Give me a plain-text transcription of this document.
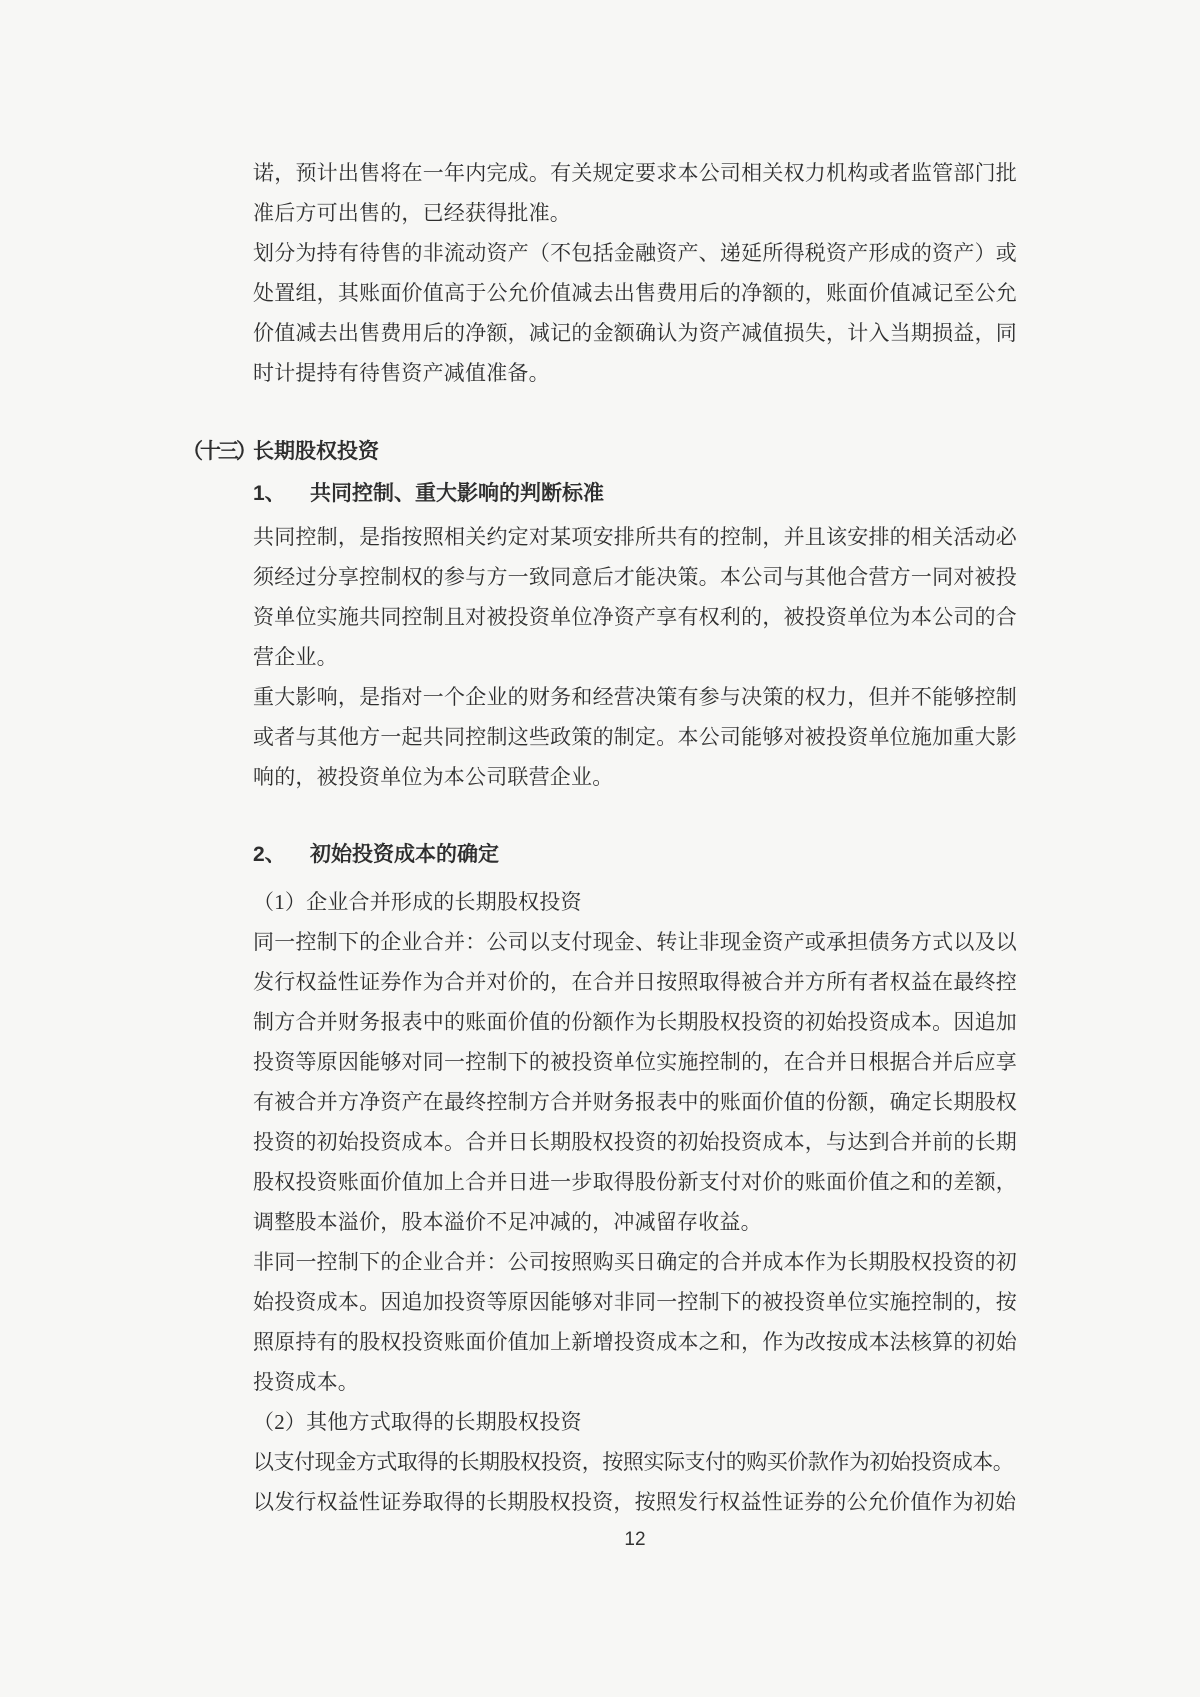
诺，预计出售将在一年内完成。有关规定要求本公司相关权力机构或者监管部门批准后方可出售的，已经获得批准。

划分为持有待售的非流动资产（不包括金融资产、递延所得税资产形成的资产）或处置组，其账面价值高于公允价值减去出售费用后的净额的，账面价值减记至公允价值减去出售费用后的净额，减记的金额确认为资产减值损失，计入当期损益，同时计提持有待售资产减值准备。

（十三）长期股权投资
1、 共同控制、重大影响的判断标准

共同控制，是指按照相关约定对某项安排所共有的控制，并且该安排的相关活动必须经过分享控制权的参与方一致同意后才能决策。本公司与其他合营方一同对被投资单位实施共同控制且对被投资单位净资产享有权利的，被投资单位为本公司的合营企业。

重大影响，是指对一个企业的财务和经营决策有参与决策的权力，但并不能够控制或者与其他方一起共同控制这些政策的制定。本公司能够对被投资单位施加重大影响的，被投资单位为本公司联营企业。

2、 初始投资成本的确定

（1）企业合并形成的长期股权投资

同一控制下的企业合并：公司以支付现金、转让非现金资产或承担债务方式以及以发行权益性证券作为合并对价的，在合并日按照取得被合并方所有者权益在最终控制方合并财务报表中的账面价值的份额作为长期股权投资的初始投资成本。因追加投资等原因能够对同一控制下的被投资单位实施控制的，在合并日根据合并后应享有被合并方净资产在最终控制方合并财务报表中的账面价值的份额，确定长期股权投资的初始投资成本。合并日长期股权投资的初始投资成本，与达到合并前的长期股权投资账面价值加上合并日进一步取得股份新支付对价的账面价值之和的差额，调整股本溢价，股本溢价不足冲减的，冲减留存收益。

非同一控制下的企业合并：公司按照购买日确定的合并成本作为长期股权投资的初始投资成本。因追加投资等原因能够对非同一控制下的被投资单位实施控制的，按照原持有的股权投资账面价值加上新增投资成本之和，作为改按成本法核算的初始投资成本。

（2）其他方式取得的长期股权投资

以支付现金方式取得的长期股权投资，按照实际支付的购买价款作为初始投资成本。

以发行权益性证券取得的长期股权投资，按照发行权益性证券的公允价值作为初始

12
